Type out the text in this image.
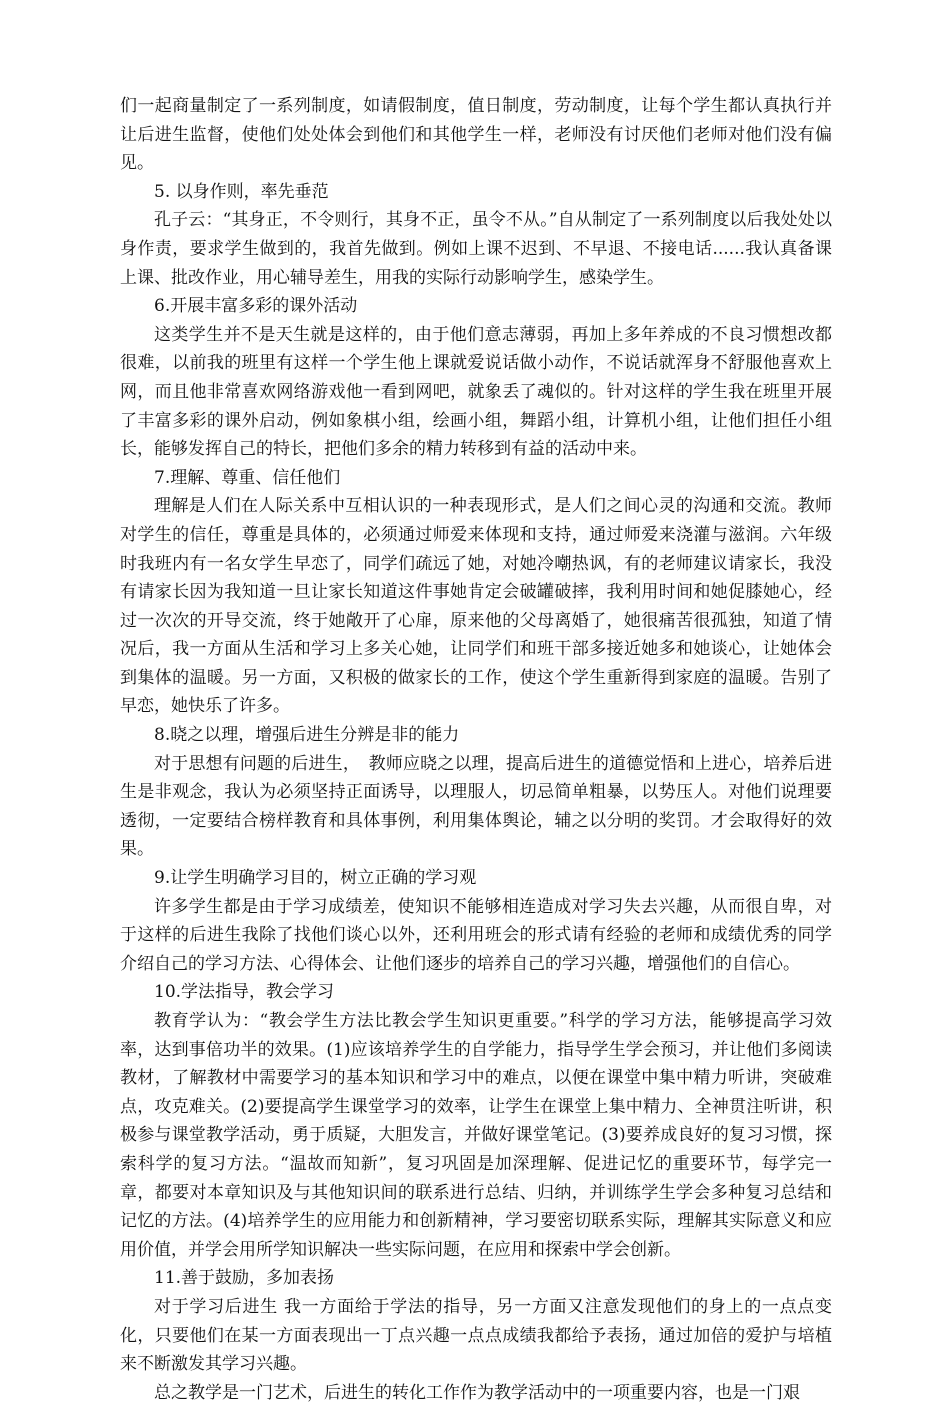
们一起商量制定了一系列制度，如请假制度，值日制度，劳动制度，让每个学生都认真执行并让后进生监督，使他们处处体会到他们和其他学生一样，老师没有讨厌他们老师对他们没有偏见。

5. 以身作则，率先垂范

孔子云：“其身正，不令则行，其身不正，虽令不从。”自从制定了一系列制度以后我处处以身作责，要求学生做到的，我首先做到。例如上课不迟到、不早退、不接电话......我认真备课上课、批改作业，用心辅导差生，用我的实际行动影响学生，感染学生。

6.开展丰富多彩的课外活动

这类学生并不是天生就是这样的，由于他们意志薄弱，再加上多年养成的不良习惯想改都很难，以前我的班里有这样一个学生他上课就爱说话做小动作，不说话就浑身不舒服他喜欢上网，而且他非常喜欢网络游戏他一看到网吧，就象丢了魂似的。针对这样的学生我在班里开展了丰富多彩的课外启动，例如象棋小组，绘画小组，舞蹈小组，计算机小组，让他们担任小组长，能够发挥自己的特长，把他们多余的精力转移到有益的活动中来。

7.理解、尊重、信任他们

理解是人们在人际关系中互相认识的一种表现形式，是人们之间心灵的沟通和交流。教师对学生的信任，尊重是具体的，必须通过师爱来体现和支持，通过师爱来浇灌与滋润。六年级时我班内有一名女学生早恋了，同学们疏远了她，对她冷嘲热讽，有的老师建议请家长，我没有请家长因为我知道一旦让家长知道这件事她肯定会破罐破摔，我利用时间和她促膝她心，经过一次次的开导交流，终于她敞开了心扉，原来他的父母离婚了，她很痛苦很孤独，知道了情况后，我一方面从生活和学习上多关心她，让同学们和班干部多接近她多和她谈心，让她体会到集体的温暖。另一方面，又积极的做家长的工作，使这个学生重新得到家庭的温暖。告别了早恋，她快乐了许多。

8.晓之以理，增强后进生分辨是非的能力

对于思想有问题的后进生，　教师应晓之以理，提高后进生的道德觉悟和上进心，培养后进生是非观念，我认为必须坚持正面诱导，以理服人，切忌简单粗暴，以势压人。对他们说理要透彻，一定要结合榜样教育和具体事例，利用集体舆论，辅之以分明的奖罚。才会取得好的效果。

9.让学生明确学习目的，树立正确的学习观

许多学生都是由于学习成绩差，使知识不能够相连造成对学习失去兴趣，从而很自卑，对于这样的后进生我除了找他们谈心以外，还利用班会的形式请有经验的老师和成绩优秀的同学介绍自己的学习方法、心得体会、让他们逐步的培养自己的学习兴趣，增强他们的自信心。

10.学法指导，教会学习

教育学认为：“教会学生方法比教会学生知识更重要。”科学的学习方法，能够提高学习效率，达到事倍功半的效果。(1)应该培养学生的自学能力，指导学生学会预习，并让他们多阅读教材，了解教材中需要学习的基本知识和学习中的难点，以便在课堂中集中精力听讲，突破难点，攻克难关。(2)要提高学生课堂学习的效率，让学生在课堂上集中精力、全神贯注听讲，积极参与课堂教学活动，勇于质疑，大胆发言，并做好课堂笔记。(3)要养成良好的复习习惯，探索科学的复习方法。“温故而知新”，复习巩固是加深理解、促进记忆的重要环节，每学完一章，都要对本章知识及与其他知识间的联系进行总结、归纳，并训练学生学会多种复习总结和记忆的方法。(4)培养学生的应用能力和创新精神，学习要密切联系实际，理解其实际意义和应用价值，并学会用所学知识解决一些实际问题，在应用和探索中学会创新。

11.善于鼓励，多加表扬

对于学习后进生 我一方面给于学法的指导，另一方面又注意发现他们的身上的一点点变化，只要他们在某一方面表现出一丁点兴趣一点点成绩我都给予表扬，通过加倍的爱护与培植来不断激发其学习兴趣。

总之教学是一门艺术，后进生的转化工作作为教学活动中的一项重要内容，也是一门艰
